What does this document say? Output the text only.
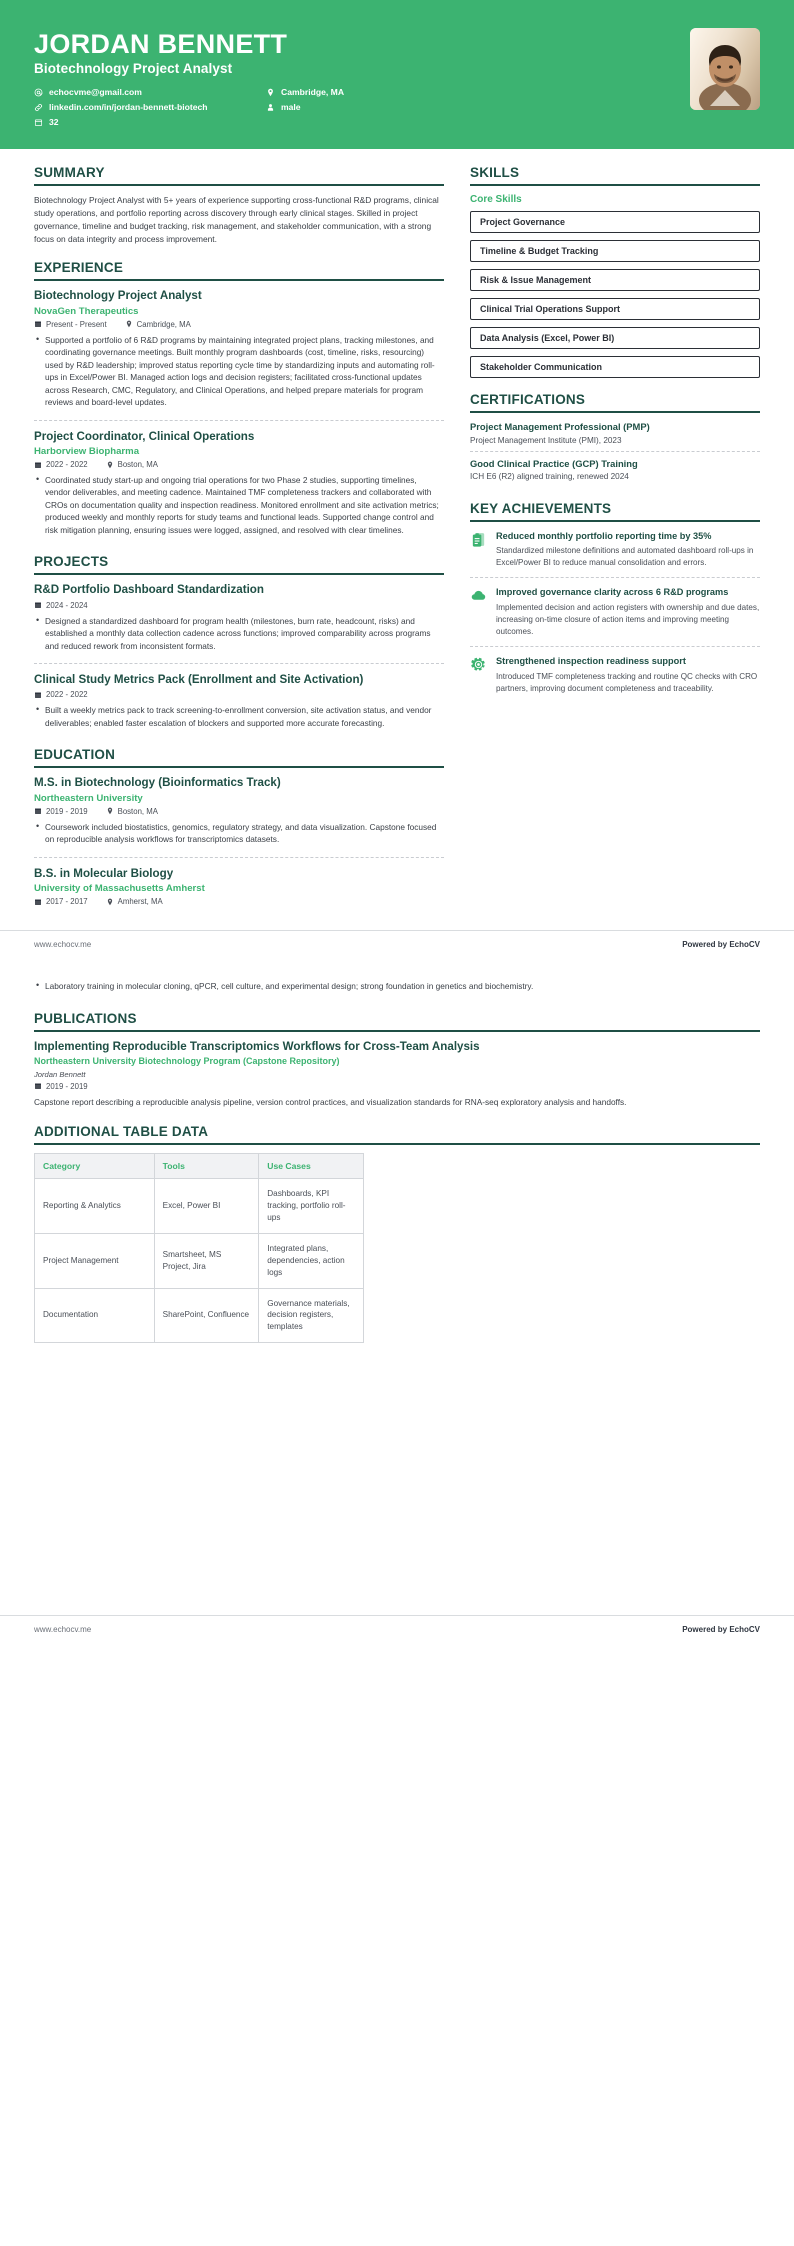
JORDAN BENNETT
Biotechnology Project Analyst
echocvme@gmail.com	Cambridge, MA
linkedin.com/in/jordan-bennett-biotech	male
32
SUMMARY
Biotechnology Project Analyst with 5+ years of experience supporting cross-functional R&D programs, clinical study operations, and portfolio reporting across discovery through early clinical stages. Skilled in project governance, timeline and budget tracking, risk management, and stakeholder communication, with a strong focus on data integrity and process improvement.
EXPERIENCE
Biotechnology Project Analyst
NovaGen Therapeutics
Present - Present	Cambridge, MA
• Supported a portfolio of 6 R&D programs by maintaining integrated project plans, tracking milestones, and coordinating governance meetings. Built monthly program dashboards (cost, timeline, risks, resourcing) used by R&D leadership; improved status reporting cycle time by standardizing inputs and automating roll-ups in Excel/Power BI. Managed action logs and decision registers; facilitated cross-functional updates across Research, CMC, Regulatory, and Clinical Operations, and helped prepare materials for program reviews and board-level updates.
Project Coordinator, Clinical Operations
Harborview Biopharma
2022 - 2022	Boston, MA
• Coordinated study start-up and ongoing trial operations for two Phase 2 studies, supporting timelines, vendor deliverables, and meeting cadence. Maintained TMF completeness trackers and collaborated with CROs on documentation quality and inspection readiness. Monitored enrollment and site activation metrics; produced weekly and monthly reports for study teams and functional leads. Supported change control and risk mitigation planning, ensuring issues were logged, assigned, and resolved with clear timelines.
PROJECTS
R&D Portfolio Dashboard Standardization
2024 - 2024
• Designed a standardized dashboard for program health (milestones, burn rate, headcount, risks) and established a monthly data collection cadence across functions; improved comparability across programs and reduced rework from inconsistent formats.
Clinical Study Metrics Pack (Enrollment and Site Activation)
2022 - 2022
• Built a weekly metrics pack to track screening-to-enrollment conversion, site activation status, and vendor deliverables; enabled faster escalation of blockers and supported more accurate forecasting.
EDUCATION
M.S. in Biotechnology (Bioinformatics Track)
Northeastern University
2019 - 2019	Boston, MA
• Coursework included biostatistics, genomics, regulatory strategy, and data visualization. Capstone focused on reproducible analysis workflows for transcriptomics datasets.
B.S. in Molecular Biology
University of Massachusetts Amherst
2017 - 2017	Amherst, MA
SKILLS
Core Skills
Project Governance
Timeline & Budget Tracking
Risk & Issue Management
Clinical Trial Operations Support
Data Analysis (Excel, Power BI)
Stakeholder Communication
CERTIFICATIONS
Project Management Professional (PMP)
Project Management Institute (PMI), 2023
Good Clinical Practice (GCP) Training
ICH E6 (R2) aligned training, renewed 2024
KEY ACHIEVEMENTS
Reduced monthly portfolio reporting time by 35%
Standardized milestone definitions and automated dashboard roll-ups in Excel/Power BI to reduce manual consolidation and errors.
Improved governance clarity across 6 R&D programs
Implemented decision and action registers with ownership and due dates, increasing on-time closure of action items and improving meeting outcomes.
Strengthened inspection readiness support
Introduced TMF completeness tracking and routine QC checks with CRO partners, improving document completeness and traceability.
www.echocv.me	Powered by EchoCV
• Laboratory training in molecular cloning, qPCR, cell culture, and experimental design; strong foundation in genetics and biochemistry.
PUBLICATIONS
Implementing Reproducible Transcriptomics Workflows for Cross-Team Analysis
Northeastern University Biotechnology Program (Capstone Repository)
Jordan Bennett
2019 - 2019
Capstone report describing a reproducible analysis pipeline, version control practices, and visualization standards for RNA-seq exploratory analysis and handoffs.
ADDITIONAL TABLE DATA
Category	Tools	Use Cases
Reporting & Analytics	Excel, Power BI	Dashboards, KPI tracking, portfolio roll-ups
Project Management	Smartsheet, MS Project, Jira	Integrated plans, dependencies, action logs
Documentation	SharePoint, Confluence	Governance materials, decision registers, templates
www.echocv.me	Powered by EchoCV
